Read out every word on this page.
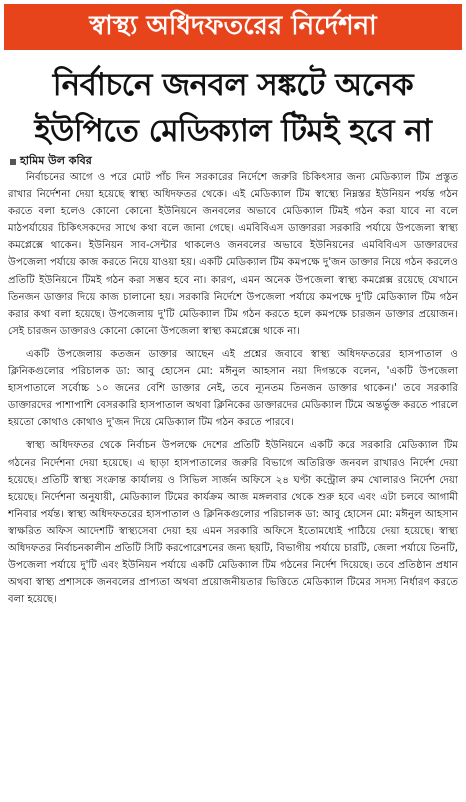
স্বাস্থ্য অধিদফতরের নির্দেশনা
নির্বাচনে জনবল সঙ্কটে অনেক
ইউপিতে মেডিক্যাল টিমই হবে না
হামিম উল কবির

নির্বাচনের আগে ও পরে মোট পাঁচ দিন সরকারের নির্দেশে জরুরি চিকিৎসার জন্য মেডিক্যাল টিম প্রস্তুত রাখার নির্দেশনা দেয়া হয়েছে স্বাস্থ্য অধিদফতর থেকে। এই মেডিক্যাল টিম স্বাস্থ্যে নিম্নস্তর ইউনিয়ন পর্যন্ত গঠন করতে বলা হলেও কোনো কোনো ইউনিয়নে জনবলের অভাবে মেডিক্যাল টিমই গঠন করা যাবে না বলে মাঠপর্যায়ের চিকিৎসকদের সাথে কথা বলে জানা গেছে। এমবিবিএস ডাক্তাররা সরকারি পর্যায়ে উপজেলা স্বাস্থ্য কমপ্লেক্সে থাকেন। ইউনিয়ন সাব-সেন্টার থাকলেও জনবলের অভাবে ইউনিয়নের এমবিবিএস ডাক্তারদের উপজেলা পর্যায়ে কাজ করতে নিয়ে যাওয়া হয়। একটি মেডিক্যাল টিম কমপক্ষে দু'জন ডাক্তার নিয়ে গঠন করলেও প্রতিটি ইউনিয়নে টিমই গঠন করা সম্ভব হবে না। কারণ, এমন অনেক উপজেলা স্বাস্থ্য কমপ্লেক্স রয়েছে যেখানে তিনজন ডাক্তার দিয়ে কাজ চালানো হয়। সরকারি নির্দেশে উপজেলা পর্যায়ে কমপক্ষে দু'টি মেডিক্যাল টিম গঠন করার কথা বলা হয়েছে। উপজেলায় দু'টি মেডিক্যাল টিম গঠন করতে হলে কমপক্ষে চারজন ডাক্তার প্রয়োজন। সেই চারজন ডাক্তারও কোনো কোনো উপজেলা স্বাস্থ্য কমপ্লেক্সে থাকে না।

একটি উপজেলায় কতজন ডাক্তার আছেন এই প্রশ্নের জবাবে স্বাস্থ্য অধিদফতরের হাসপাতাল ও ক্লিনিকগুলোর পরিচালক ডা: আবু হোসেন মো: মঈনুল আহসান নয়া দিগন্তকে বলেন, 'একটি উপজেলা হাসপাতালে সর্বোচ্চ ১০ জনের বেশি ডাক্তার নেই, তবে ন্যূনতম তিনজন ডাক্তার থাকেন।' তবে সরকারি ডাক্তারদের পাশাপাশি বেসরকারি হাসপাতাল অথবা ক্লিনিকের ডাক্তারদের মেডিক্যাল টিমে অন্তর্ভুক্ত করতে পারলে হয়তো কোথাও কোথাও দু'জন দিয়ে মেডিক্যাল টিম গঠন করতে পারবে।

স্বাস্থ্য অধিদফতর থেকে নির্বাচন উপলক্ষে দেশের প্রতিটি ইউনিয়নে একটি করে সরকারি মেডিক্যাল টিম গঠনের নির্দেশনা দেয়া হয়েছে। এ ছাড়া হাসপাতালের জরুরি বিভাগে অতিরিক্ত জনবল রাখারও নির্দেশ দেয়া হয়েছে। প্রতিটি স্বাস্থ্য সংক্রান্ত কার্যালয় ও সিভিল সার্জন অফিসে ২৪ ঘণ্টা কন্ট্রোল রুম খোলারও নির্দেশ দেয়া হয়েছে। নির্দেশনা অনুযায়ী, মেডিক্যাল টিমের কার্যক্রম আজ মঙ্গলবার থেকে শুরু হবে এবং এটা চলবে আগামী শনিবার পর্যন্ত। স্বাস্থ্য অধিদফতরের হাসপাতাল ও ক্লিনিকগুলোর পরিচালক ডা: আবু হোসেন মো: মঈনুল আহসান স্বাক্ষরিত অফিস আদেশটি স্বাস্থ্যসেবা দেয়া হয় এমন সরকারি অফিসে ইতোমধ্যেই পাঠিয়ে দেয়া হয়েছে। স্বাস্থ্য অধিদফতর নির্বাচনকালীন প্রতিটি সিটি করপোরেশনের জন্য ছয়টি, বিভাগীয় পর্যায়ে চারটি, জেলা পর্যায়ে তিনটি, উপজেলা পর্যায়ে দু'টি এবং ইউনিয়ন পর্যায়ে একটি মেডিক্যাল টিম গঠনের নির্দেশ দিয়েছে। তবে প্রতিষ্ঠান প্রধান অথবা স্বাস্থ্য প্রশাসকে জনবলের প্রাপ্যতা অথবা প্রয়োজনীয়তার ভিত্তিতে মেডিক্যাল টিমের সদস্য নির্ধারণ করতে বলা হয়েছে।
